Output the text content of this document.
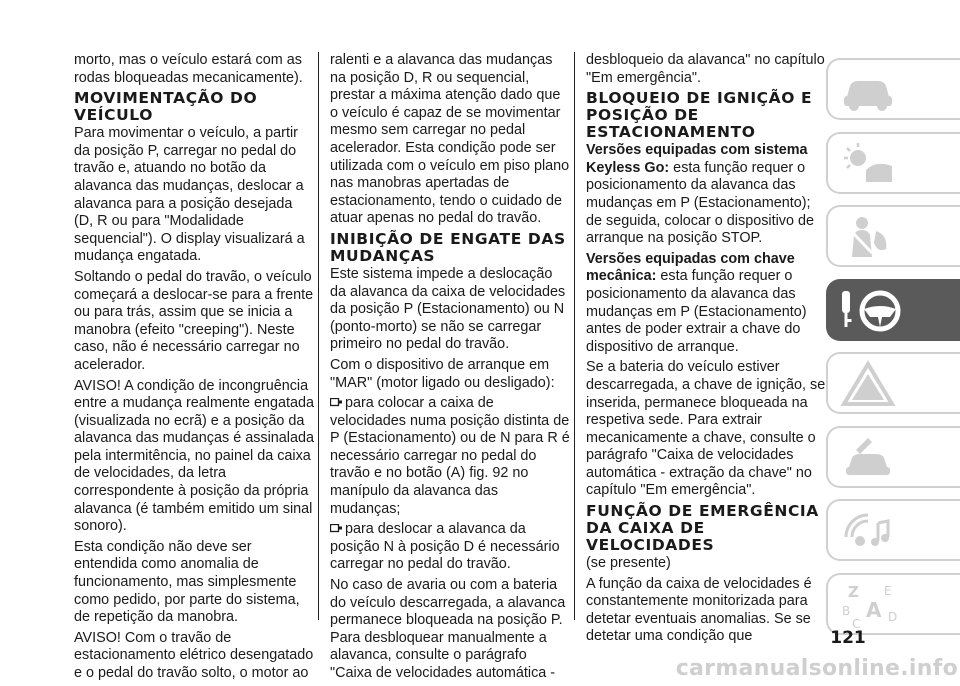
morto, mas o veículo estará com as rodas bloqueadas mecanicamente).

MOVIMENTAÇÃO DO VEÍCULO

Para movimentar o veículo, a partir da posição P, carregar no pedal do travão e, atuando no botão da alavanca das mudanças, deslocar a alavanca para a posição desejada (D, R ou para "Modalidade sequencial"). O display visualizará a mudança engatada.

Soltando o pedal do travão, o veículo começará a deslocar-se para a frente ou para trás, assim que se inicia a manobra (efeito "creeping"). Neste caso, não é necessário carregar no acelerador.

AVISO! A condição de incongruência entre a mudança realmente engatada (visualizada no ecrã) e a posição da alavanca das mudanças é assinalada pela intermitência, no painel da caixa de velocidades, da letra correspondente à posição da própria alavanca (é também emitido um sinal sonoro).

Esta condição não deve ser entendida como anomalia de funcionamento, mas simplesmente como pedido, por parte do sistema, de repetição da manobra.

AVISO! Com o travão de estacionamento elétrico desengatado e o pedal do travão solto, o motor ao

ralenti e a alavanca das mudanças na posição D, R ou sequencial, prestar a máxima atenção dado que o veículo é capaz de se movimentar mesmo sem carregar no pedal acelerador. Esta condição pode ser utilizada com o veículo em piso plano nas manobras apertadas de estacionamento, tendo o cuidado de atuar apenas no pedal do travão.

INIBIÇÃO DE ENGATE DAS MUDANÇAS

Este sistema impede a deslocação da alavanca da caixa de velocidades da posição P (Estacionamento) ou N (ponto-morto) se não se carregar primeiro no pedal do travão.

Com o dispositivo de arranque em "MAR" (motor ligado ou desligado):

para colocar a caixa de velocidades numa posição distinta de P (Estacionamento) ou de N para R é necessário carregar no pedal do travão e no botão (A) fig. 92 no manípulo da alavanca das mudanças;

para deslocar a alavanca da posição N à posição D é necessário carregar no pedal do travão.

No caso de avaria ou com a bateria do veículo descarregada, a alavanca permanece bloqueada na posição P. Para desbloquear manualmente a alavanca, consulte o parágrafo "Caixa de velocidades automática -

desbloqueio da alavanca" no capítulo "Em emergência".

BLOQUEIO DE IGNIÇÃO E POSIÇÃO DE ESTACIONAMENTO

Versões equipadas com sistema Keyless Go: esta função requer o posicionamento da alavanca das mudanças em P (Estacionamento); de seguida, colocar o dispositivo de arranque na posição STOP.

Versões equipadas com chave mecânica: esta função requer o posicionamento da alavanca das mudanças em P (Estacionamento) antes de poder extrair a chave do dispositivo de arranque.

Se a bateria do veículo estiver descarregada, a chave de ignição, se inserida, permanece bloqueada na respetiva sede. Para extrair mecanicamente a chave, consulte o parágrafo "Caixa de velocidades automática - extração da chave" no capítulo "Em emergência".

FUNÇÃO DE EMERGÊNCIA DA CAIXA DE VELOCIDADES

(se presente)

A função da caixa de velocidades é constantemente monitorizada para detetar eventuais anomalias. Se se detetar uma condição que

Z E
B A
C D
121
carmanualsonline.info
